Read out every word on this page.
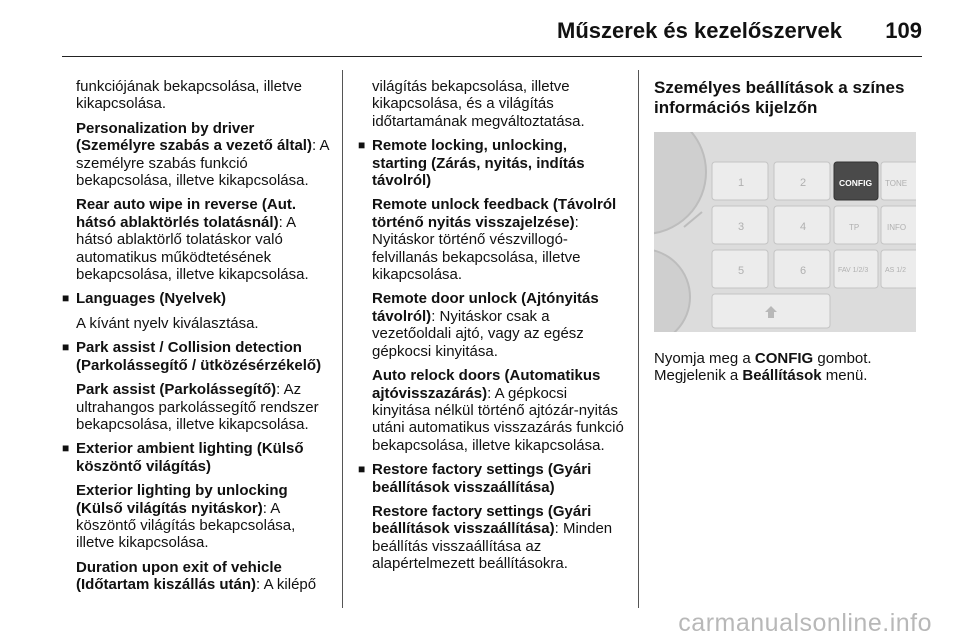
Műszerek és kezelőszervek 109
funkciójának bekapcsolása, illetve kikapcsolása.
Personalization by driver (Személyre szabás a vezető által): A személyre szabás funkció bekapcsolása, illetve kikapcsolása.
Rear auto wipe in reverse (Aut. hátsó ablaktörlés tolatásnál): A hátsó ablaktörlő tolatáskor való automatikus működtetésének bekapcsolása, illetve kikapcsolása.
■ Languages (Nyelvek)
A kívánt nyelv kiválasztása.
■ Park assist / Collision detection (Parkolássegítő / ütközésérzékelő)
Park assist (Parkolássegítő): Az ultrahangos parkolássegítő rendszer bekapcsolása, illetve kikapcsolása.
■ Exterior ambient lighting (Külső köszöntő világítás)
Exterior lighting by unlocking (Külső világítás nyitáskor): A köszöntő világítás bekapcsolása, illetve kikapcsolása.
Duration upon exit of vehicle (Időtartam kiszállás után): A kilépő
világítás bekapcsolása, illetve kikapcsolása, és a világítás időtartamának megváltoztatása.
■ Remote locking, unlocking, starting (Zárás, nyitás, indítás távolról)
Remote unlock feedback (Távolról történő nyitás visszajelzése): Nyitáskor történő vészvillogó-felvillanás bekapcsolása, illetve kikapcsolása.
Remote door unlock (Ajtónyitás távolról): Nyitáskor csak a vezetőoldali ajtó, vagy az egész gépkocsi kinyitása.
Auto relock doors (Automatikus ajtóvisszazárás): A gépkocsi kinyitása nélkül történő ajtózár-nyitás utáni automatikus visszazárás funkció bekapcsolása, illetve kikapcsolása.
■ Restore factory settings (Gyári beállítások visszaállítása)
Restore factory settings (Gyári beállítások visszaállítása): Minden beállítás visszaállítása az alapértelmezett beállításokra.
Személyes beállítások a színes információs kijelzőn
1	2
3	4
5	6
CONFIG TONE
TP	INFO
FAV 1/2/3 AS 1/2
Nyomja meg a CONFIG gombot.
Megjelenik a Beállítások menü.
carmanualsonline.info
